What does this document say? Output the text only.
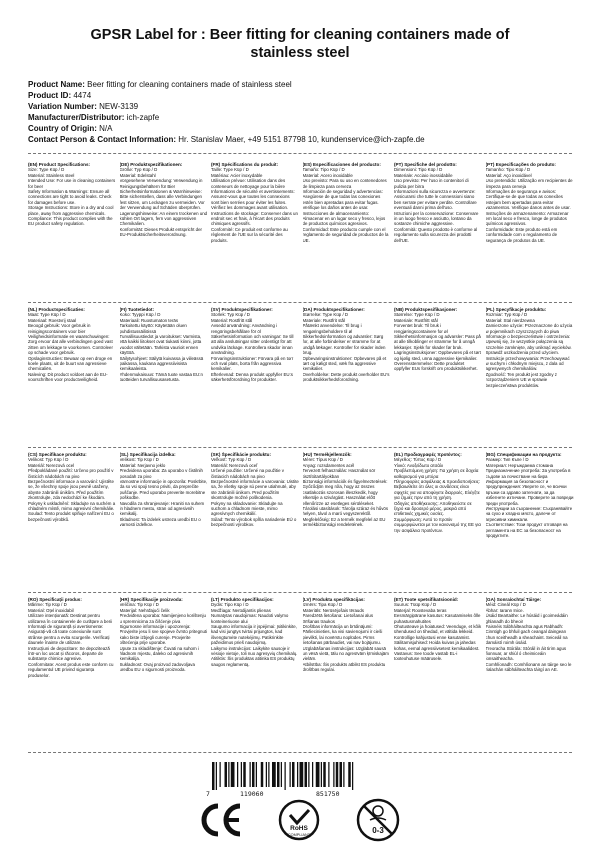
GPSR Label for : Beer fitting for cleaning containers made of
stainless steel
Product Name: Beer fitting for cleaning containers made of stainless steel
Product ID: 4474
Variation Number: NEW-3139
Manufacturer/Distributor: ich-zapfe
Country of Origin: N/A
Contact Person & Contact Information: Hr. Stanislav Maer, +49 5151 87798 10, kundenservice@ich-zapfe.de
(EN) Product Specifications:
Size: Type Küp / D
Material: Stainless steel
Intended Use: For use in cleaning containers for beer
Safety Information & Warnings: Ensure all connections are tight to avoid leaks. Check for damages before use.
Storage Instructions: Store in a dry and cool place, away from aggressive chemicals.
Compliance: This product complies with the EU product safety regulation.
(DE) Produktspezifikationen:
Größe: Typ Küp / D
Material: Edelstahl
Vorgesehene Verwendung: Verwendung in Reinigungsbehältern für Bier
Sicherheitsinformationen & Warnhinweise: Bitte sicherstellen, dass alle Verbindungen fest sitzen, um Leckagen zu vermeiden. Vor der Verwendung auf Schäden überprüfen.
Lagerungshinweise: An einem trockenen und kühlen Ort lagern, fern von aggressiven Chemikalien.
Konformität: Dieses Produkt entspricht der EU-Produktsicherheitsverordnung.
(FR) Spécifications du produit:
Taille: Type Küp / D
Matériau: Acier inoxydable
Utilisation prévue: Utilisation dans des conteneurs de nettoyage pour la bière
Informations de sécurité et avertissements: Assurez-vous que toutes les connexions sont bien serrées pour éviter les fuites. Vérifiez les dommages avant utilisation.
Instructions de stockage: Conserver dans un endroit sec et frais, à l'écart des produits chimiques agressifs.
Conformité: Ce produit est conforme au règlement de l'UE sur la sécurité des produits.
(ES) Especificaciones del producto:
Tamaño: Tipo Küp / D
Material: Acero inoxidable
Uso previsto: Para su uso en contenedores de limpieza para cerveza
Información de seguridad y advertencias: Asegúrese de que todas las conexiones estén bien apretadas para evitar fugas. Verifique los daños antes de usar.
Instrucciones de almacenamiento: Almacenar en un lugar seco y fresco, lejos de productos químicos agresivos.
Conformidad: Este producto cumple con el reglamento de seguridad de productos de la UE.
(PT) Specifiche del prodotto:
Dimensioni: Tipo Küp / D
Materiale: Acciaio inossidabile
Uso previsto: Per l'uso in contenitori di pulizia per birra
Informazioni sulla sicurezza e avvertenze: Assicurarsi che tutte le connessioni siano ben serrate per evitare perdite. Controllare eventuali danni prima dell'uso.
Istruzioni per la conservazione: Conservare in un luogo fresco e asciutto, lontano da sostanze chimiche aggressive.
Conformità: Questo prodotto è conforme al regolamento sulla sicurezza dei prodotti dell'UE.
(PT) Especificações do produto:
Tamanho: Tipo Küp / D
Material: Aço inoxidável
Uso pretendido: Utilização em recipientes de limpeza para cerveja
Informações de segurança e avisos: Certifique-se de que todas as conexões estejam bem apertadas para evitar vazamentos. Verifique danos antes de usar.
Instruções de armazenamento: Armazenar em local seco e fresco, longe de produtos químicos agressivos.
Conformidade: Este produto está em conformidade com o regulamento de segurança de produtos da UE.
(NL) Productspecificaties:
Maat: Type Küp / D
Materiaal: Roestvrij staal
Beoogd gebruik: Voor gebruik in reinigingscontainers voor bier
Veiligheidsinformatie en waarschuwingen: Zorg ervoor dat alle verbindingen goed vast zitten om lekkage te voorkomen. Controleer op schade voor gebruik.
Opslaginstructies: Bewaar op een droge en koele plaats, uit de buurt van agressieve chemicaliën.
Naleving: Dit product voldoet aan de EU-voorschriften voor productveiligheid.
(FI) Tuotetiedot:
Koko: Tyyppi Küp / D
Materiaali: Ruostumaton teräs
Tarkoitettu käyttö: Käytetään oluen puhdistussäiliöissä
Turvallisuustiedot ja varoitukset: Varmista, että kaikki liitokset ovat tiukasti kiinni, jotta vuodot vältetään. Tarkista vaurioit ennen käyttöä.
Säilytysohjeet: Säilytä kuivassa ja viileässä paikassa, kaukana aggressiivisista kemikaaleista.
Yhdenmukaisuus: Tämä tuote vastaa EU:n tuotteiden turvallisuusasetusta.
(SV) Produktspecifikationer:
Storlek: Typ Küp / D
Material: Rostfritt stål
Avsedd användning: Användning i rengöringsbehållare för öl
Säkerhetsinformation och varningar: Se till att alla anslutningar sitter ordentligt för att undvika läckage. Kontrollera skador innan användning.
Förvaringsinstruktioner: Förvara på en torr och sval plats, borta från aggressiva kemikalier.
Efterlevnad: Denna produkt uppfyller EU:s säkerhetsförordning för produkter.
(DA) Produktspecifikationer:
Størrelse: Type Küp / D
Materiale: Rustfrit stål
Påtænkt anvendelse: Til brug i rengøringsbeholdere til øl
Sikkerhedsinformation og advarsler: Sørg for, at alle forbindelser er stramme for at undgå lækager. Kontroller for skader inden brug.
Opbevaringsinstruktioner: Opbevares på et tørt og køligt sted, væk fra aggressive kemikalier.
Overholdelse: Dette produkt overholder EU's produktsikkerhedsforordning.
(NB) Produktspesifikasjoner:
Størrelse: Type Küp / D
Materiale: Rustfritt stål
Forventet bruk: Til bruk i rengjøringscontainere for øl
Sikkerhetsinformasjon og advarsler: Pass på at alle tilkoblinger er stramme for å unngå lekkasjer. Sjekk for skader før bruk.
Lagringsinstruksjoner: Oppbevares på et tørt og kjølig sted, unna aggressive kjemikalier.
Overensstemmelse: Dette produktet oppfyller EUs forskrift om produktsikkerhet.
(PL) Specyfikacje produktu:
Rozmiar: Typ Küp / D
Materiał: Stal nierdzewna
Zamierzone użycie: Przeznaczone do użycia w pojemnikach czyszczących do piwa
Informacje o bezpieczeństwie i ostrzeżenia: Upewnij się, że wszystkie połączenia są szczelnie zamknięte, aby uniknąć wycieków. Sprawdź uszkodzenia przed użyciem.
Instrukcje przechowywania: Przechowywać w suchym i chłodnym miejscu, z dala od agresywnych chemikaliów.
Zgodność: Ten produkt jest zgodny z rozporządzeniem UE w sprawie bezpieczeństwa produktów.
(CS) Specifikace produktu:
Velikost: Typ Küp / D
Materiál: Nerezová ocel
Předpokládané použití: Určeno pro použití v čisticích nádobách na pivo
Bezpečnostní informace a varování: Ujistěte se, že všechny spoje jsou pevně utaženy, abyste zabránili únikům. Před použitím zkontrolujte, zda nedochází ke škodám.
Pokyny k uskladnění: Skladujte na suchém a chladném místě, mimo agresivní chemikálie.
Soulad: Tento produkt splňuje nařízení EU o bezpečnosti výrobků.
(SL) Specifikacija izdelka:
Velikost: Tip Küp / D
Material: Nerjavno jeklo
Predvidena uporaba: Za uporabo v čistilnih posodah za pivo
Varnostne informacije in opozorila: Poskrbite, da so vsi spoji tesno priviti, da preprečite puščanje. Pred uporabo preverite morebitne poškodbe.
Navodila za shranjevanje: Hraniti na suhem in hladnem mestu, stran od agresivnih kemikalij.
Skladnost: Ta izdelek ustreza uredbi EU o varnosti izdelkov.
(SK) Špecifikácie produktu:
Veľkosť: Typ Küp / D
Materiál: Nerezová oceľ
Určené použitie: Určené na použitie v čistiacich nádobách na pivo
Bezpečnostné informácie a varovania: Uistite sa, že všetky spoje sú pevne utiahnuté, aby ste zabránili únikom. Pred použitím skontrolujte možné poškodenia.
Pokyny na skladovanie: Skladujte na suchom a chladnom mieste, mimo agresívnych chemikálií.
Súlad: Tento výrobok spĺňa nariadenie EÚ o bezpečnosti výrobkov.
(HU) Termékjellemzők:
Méret: Típus Küp / D
Anyag: rozsdamentes acél
Tervezett felhasználás: Használat sör tisztítótartályokban
Biztonsági információk és figyelmeztetések: Győződjön meg róla, hogy az összes csatlakozás szorosan illeszkedik, hogy elkerülje a szivárgást. Használat előtt ellenőrizze az esetleges sérüléseket.
Tárolási utasítások: Tárolja száraz és hűvös helyen, távol a maró vegyszerektől.
Megfelelőség: Ez a termék megfelel az EU termékbiztonsági rendeletének.
(EL) Προδιαγραφές προϊόντος:
Μέγεθος: Τύπος Küp / D
Υλικό: Ανοξείδωτο ατσάλι
Προβλεπόμενη χρήση: Για χρήση σε δοχεία καθαρισμού για μπύρα
Πληροφορίες ασφάλειας & προειδοποιήσεις: Βεβαιωθείτε ότι όλες οι συνδέσεις είναι σφιχτές για να αποφύγετε διαρροές. Ελέγξτε για ζημιές πριν από τη χρήση.
Οδηγίες αποθήκευσης: Αποθηκεύστε σε ξηρό και δροσερό μέρος, μακριά από επιθετικές χημικές ουσίες.
Συμμόρφωση: Αυτό το προϊόν συμμορφώνεται με τον κανονισμό της ΕΕ για την ασφάλεια προϊόντων.
(BG) Спецификации на продукта:
Размер: Тип Къпе / D
Материал: Неръждаема стомана
Предназначение употреба: За употреба в съдове за почистване на бира
Информация за безопасност и предупреждения: Уверете се, че всички връзки са здраво затегнати, за да избегнете изтичане. Проверете за повреди преди употреба.
Инструкции за съхранение: Съхранявайте на сухо и хладно място, далече от агресивни химикали.
Съответствие: Този продукт отговаря на регламента на ЕС за безопасност на продуктите.
(RO) Specificații produs:
Mărime: Tip Küp / D
Material: Oțel inoxidabil
Utilizare intenționată: Destinat pentru utilizarea în containerele de curățare a berii
Informații de siguranță și avertismente: Asigurați-vă că toate conexiunile sunt strânse pentru a evita scurgerile. Verificați daunele înainte de utilizare.
Instrucțiuni de depozitare: Se depozitează într-un loc uscat și răcoros, departe de substanțe chimice agresive.
Conformitate: Acest produs este conform cu regulamentul UE privind siguranța produselor.
(HR) Specifikacije proizvoda:
Veličina: Tip Küp / D
Materijal: Nehrđajući čelik
Predviđena uporaba: Namijenjeno korištenju u spremnicima za čišćenje piva
Sigurnosne informacije i upozorenja: Provjerite jesu li sve spojeve čvrsto pritegnuti kako biste izbjegli curenje. Provjerite oštećenja prije uporabe.
Upute za skladištenje: Čuvati na suhom i hladnom mjestu, daleko od agresivnih kemikalija.
Sukladnost: Ovaj proizvod zadovoljava uredbu EU o sigurnosti proizvoda.
(LT) Produkto specifikacijos:
Dydis: Tipo Küp / D
Medžiaga: Nerūdijantis plienas
Numatytas naudojimas: Naudoti valymo konteineriuose alui
Saugumo informacija ir įspėjimai: Įsitikinkite, kad visi jungtys tvirtai prijungtos, kad išvengtumėte nutekėjimų. Patikrinkite pažeidimus prieš naudojimą.
Laikymo instrukcijos: Laikykite sausoje ir vėsioje vietoje, toli nuo agresyvių chemikalų.
Atitiktis: Šis produktas atitinka ES produktų saugos reglamentą.
(LV) Produkta specifikācijas:
Izmērs: Tipa Küp / D
Materiāls: Nerūsējošais tērauds
Paredzētā lietošana: Lietošanai alus tīrīšanas traukos
Drošības informācija un brīdinājumi: Pārliecinieties, ka visi savienojumi ir cieši pievilkti, lai novērstu noplūdes. Pirms lietošanas pārbaudiet, vai nav bojājumu.
Uzglabāšanas instrukcijas: Uzglabāt sausā un vēsā vietā, tālu no agresīvām ķīmiskajām vielām.
Atbilstība: Šis produkts atbilst ES produktu drošības regulai.
(ET) Toote spetsifikatsioonid:
Suurus: Tüüp Küp / D
Materjal: Roostevaba teras
Eesmärgipärane kasutus: Kasutamiseks õlle puhastusmahutites
Ohutusteave ja hoiatused: Veenduge, et kõik ühendused on tihedad, et vältida lekkeid. Kontrollige kahjustusi enne kasutamist.
Säilitamisjuhised: Hoida kuivas ja jahedas kohas, eemal agressiivsetest kemikaalidest.
Vastavus: See toode vastab EL-i tooteohutuse määrusele.
(GA) Sonraíochtaí Táirge:
Méid: Cineál Küp / D
Ábhar: Iarann Inice.
Úsáid Beartaithe: Le húsáid i gcoimeádáin ghlanadh do bheoir
Faisnéis Sábháilteachta agus Rabhadh: Cinntigh go bhfuil gach ceangal daingean chun sceitheadh a sheachaint. Seiceáil na damáistí roimh úsáid.
Treoracha Stórála: Stóráil in áit tirim agus fionnuar, ar shiúl ó cheimiceáin ionsaitheacha.
Comhlíonadh: Comhlíonann an táirge seo le rialachán sábháilteachta táirgí an AE.
7	119060	851750
RoHS
COMPLIANT	0-3
